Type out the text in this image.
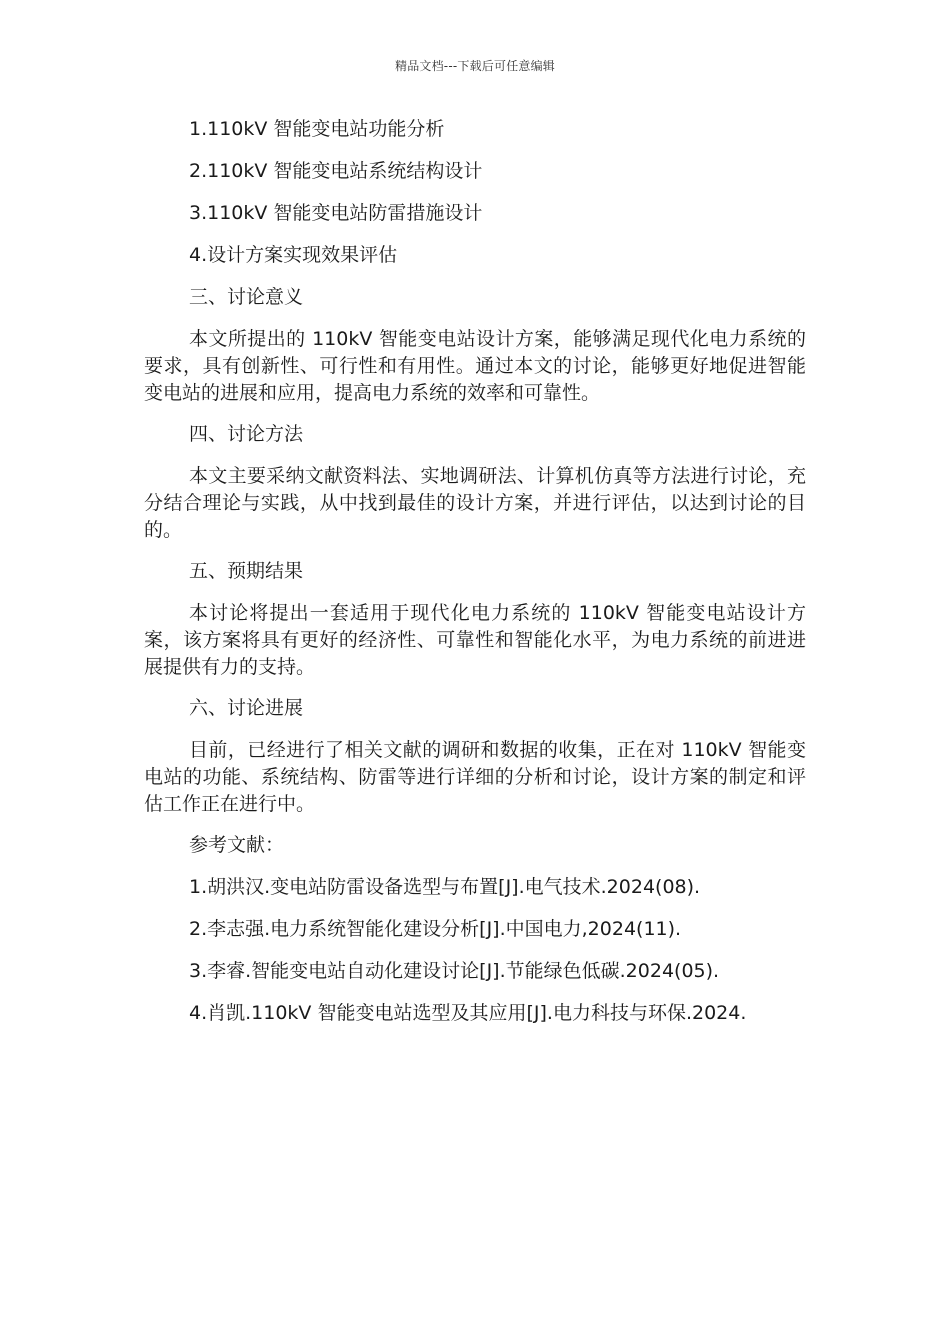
精品文档---下载后可任意编辑
1.110kV 智能变电站功能分析
2.110kV 智能变电站系统结构设计
3.110kV 智能变电站防雷措施设计
4.设计方案实现效果评估
三、讨论意义
本文所提出的 110kV 智能变电站设计方案，能够满足现代化电力系统的要求，具有创新性、可行性和有用性。通过本文的讨论，能够更好地促进智能变电站的进展和应用，提高电力系统的效率和可靠性。
四、讨论方法
本文主要采纳文献资料法、实地调研法、计算机仿真等方法进行讨论，充分结合理论与实践，从中找到最佳的设计方案，并进行评估，以达到讨论的目的。
五、预期结果
本讨论将提出一套适用于现代化电力系统的 110kV 智能变电站设计方案，该方案将具有更好的经济性、可靠性和智能化水平，为电力系统的前进进展提供有力的支持。
六、讨论进展
目前，已经进行了相关文献的调研和数据的收集，正在对 110kV 智能变电站的功能、系统结构、防雷等进行详细的分析和讨论，设计方案的制定和评估工作正在进行中。
参考文献：
1.胡洪汉.变电站防雷设备选型与布置[J].电气技术.2024(08).
2.李志强.电力系统智能化建设分析[J].中国电力,2024(11).
3.李睿.智能变电站自动化建设讨论[J].节能绿色低碳.2024(05).
4.肖凯.110kV 智能变电站选型及其应用[J].电力科技与环保.2024.
